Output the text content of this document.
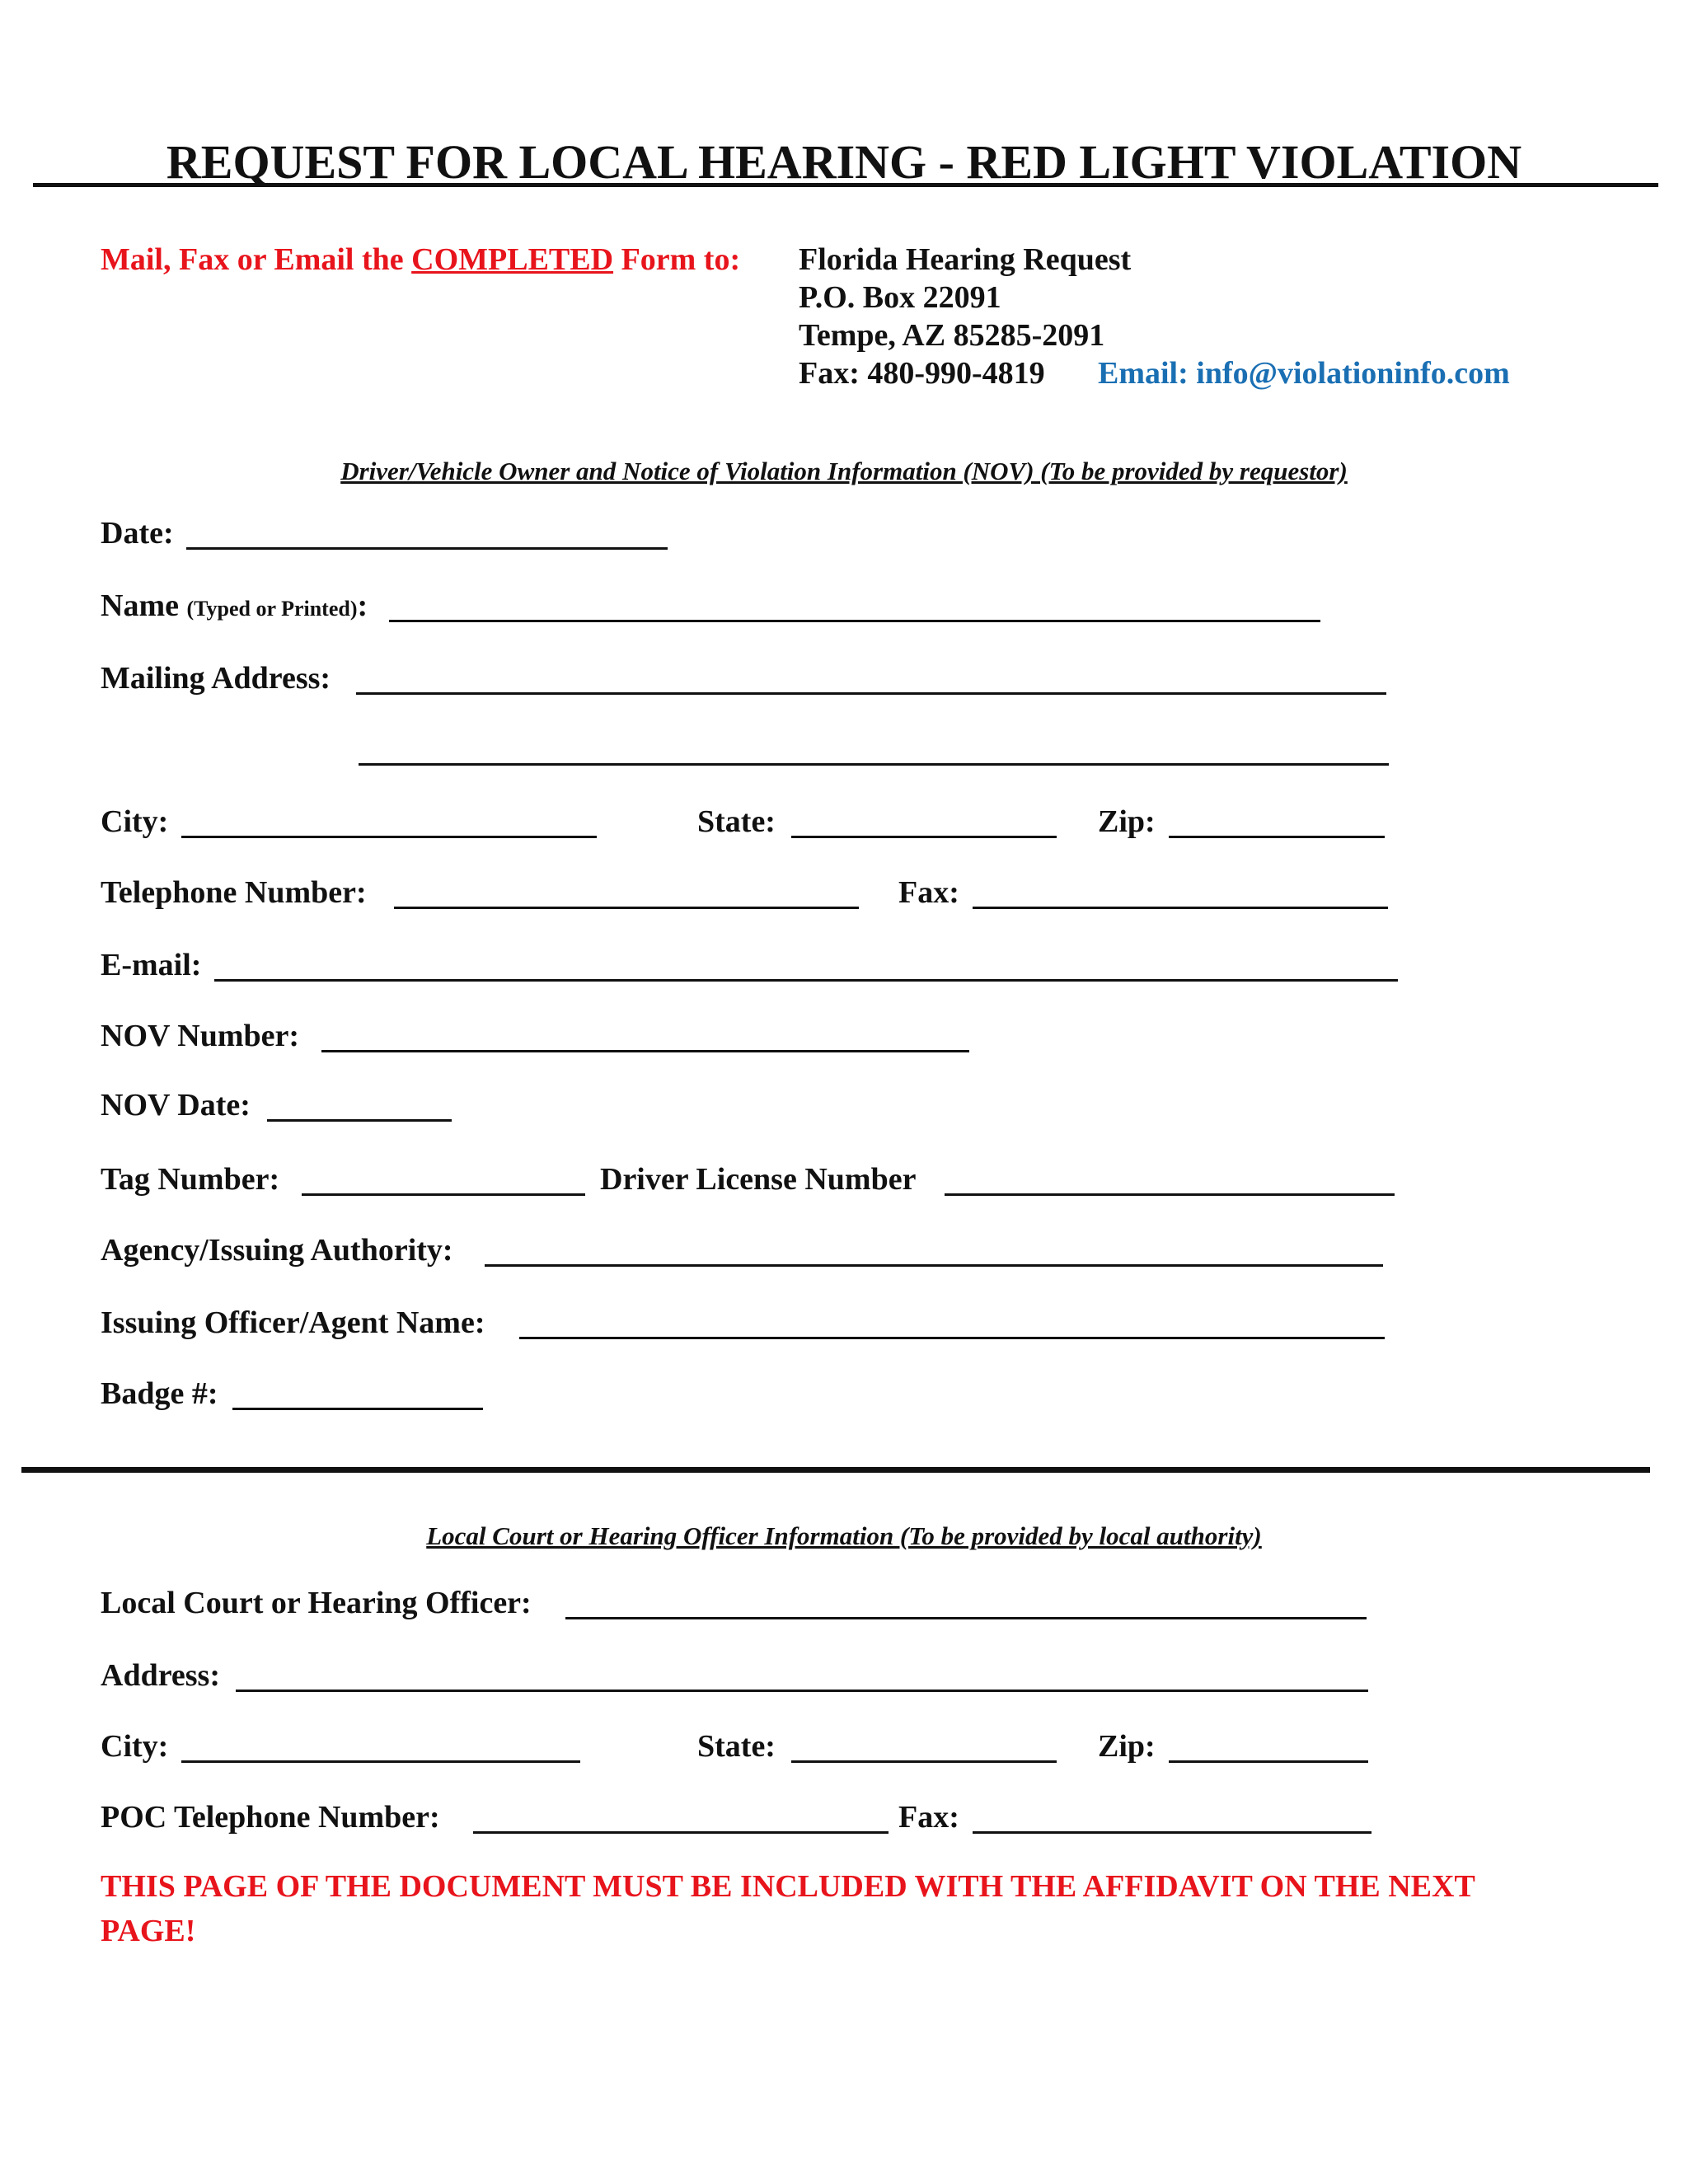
REQUEST FOR LOCAL HEARING - RED LIGHT VIOLATION
Mail, Fax or Email the COMPLETED Form to: Florida Hearing Request
P.O. Box 22091
Tempe, AZ 85285-2091
Fax: 480-990-4819 Email: info@violationinfo.com
Driver/Vehicle Owner and Notice of Violation Information (NOV) (To be provided by requestor)
Date:
Name (Typed or Printed):
Mailing Address:
City:	State:	Zip:
Telephone Number:	Fax:
E-mail:
NOV Number:
NOV Date:
Tag Number:	Driver License Number
Agency/Issuing Authority:
Issuing Officer/Agent Name:
Badge #:
Local Court or Hearing Officer Information (To be provided by local authority)
Local Court or Hearing Officer:
Address:
City:	State:	Zip:
POC Telephone Number:	Fax:
THIS PAGE OF THE DOCUMENT MUST BE INCLUDED WITH THE AFFIDAVIT ON THE NEXT
PAGE!
